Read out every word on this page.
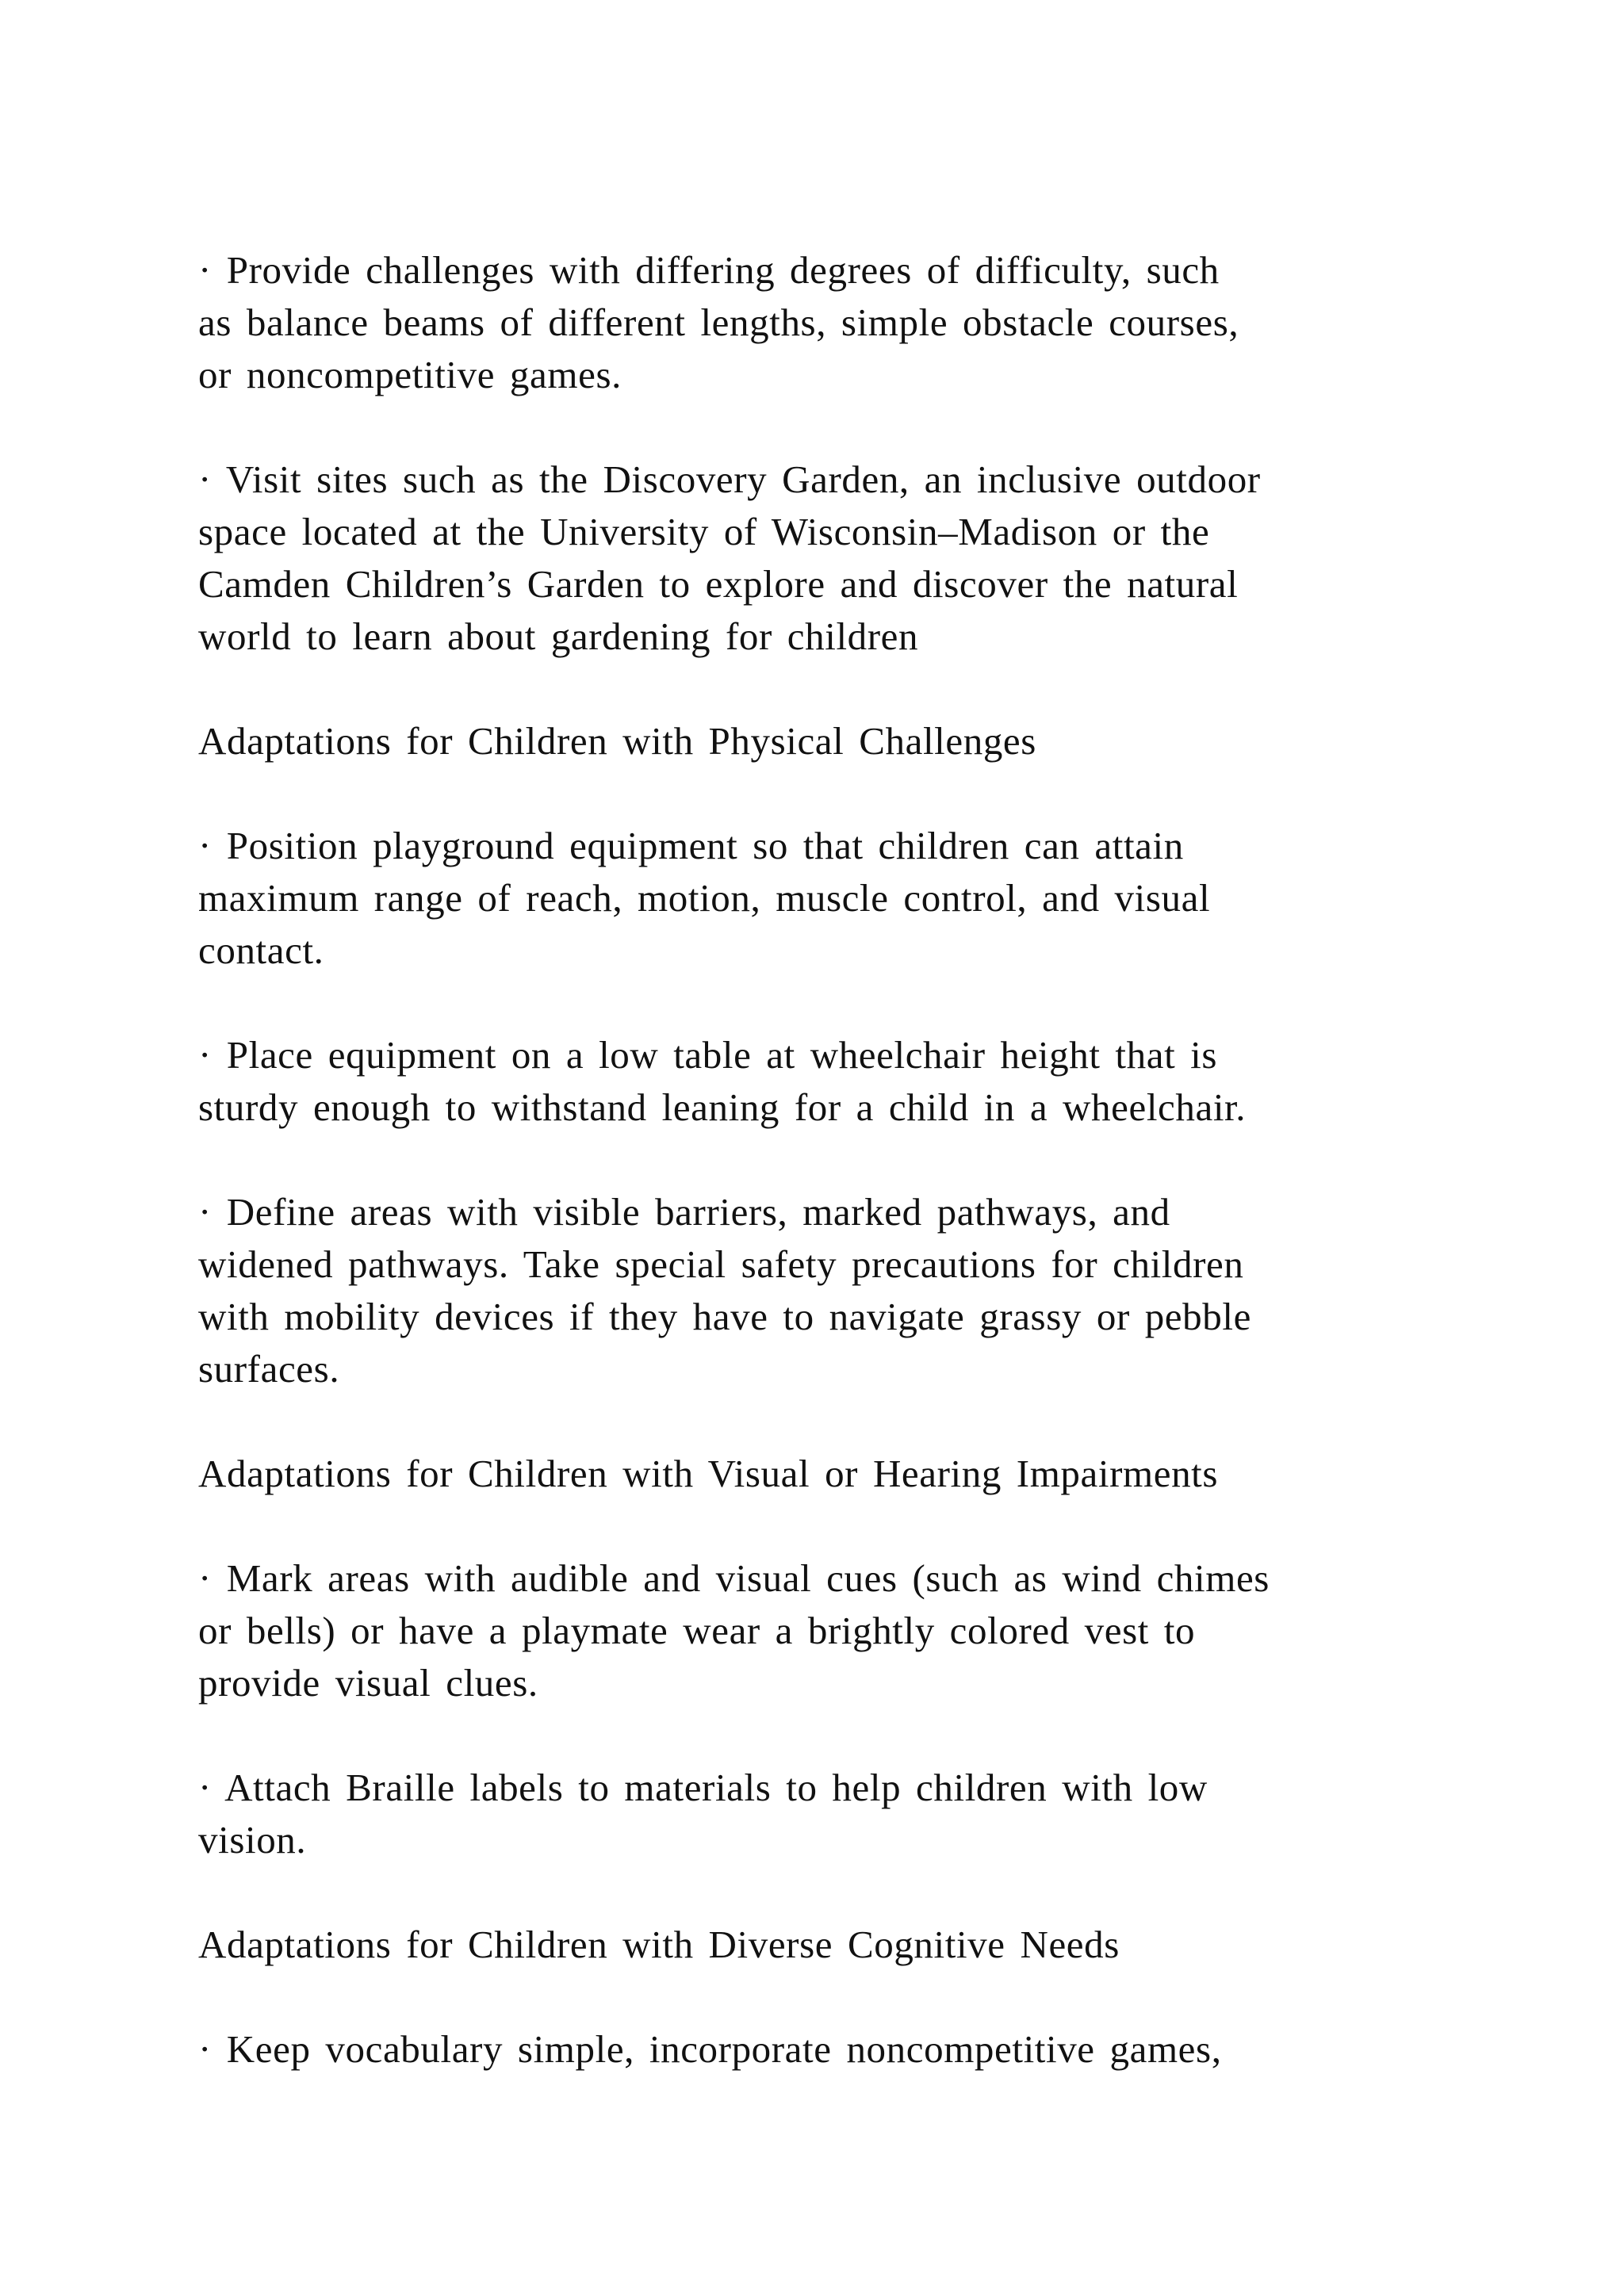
· Provide challenges with differing degrees of difficulty, such
as balance beams of different lengths, simple obstacle courses,
or noncompetitive games.

· Visit sites such as the Discovery Garden, an inclusive outdoor
space located at the University of Wisconsin–Madison or the
Camden Children’s Garden to explore and discover the natural
world to learn about gardening for children

Adaptations for Children with Physical Challenges

· Position playground equipment so that children can attain
maximum range of reach, motion, muscle control, and visual
contact.

· Place equipment on a low table at wheelchair height that is
sturdy enough to withstand leaning for a child in a wheelchair.

· Define areas with visible barriers, marked pathways, and
widened pathways. Take special safety precautions for children
with mobility devices if they have to navigate grassy or pebble
surfaces.

Adaptations for Children with Visual or Hearing Impairments

· Mark areas with audible and visual cues (such as wind chimes
or bells) or have a playmate wear a brightly colored vest to
provide visual clues.

· Attach Braille labels to materials to help children with low
vision.

Adaptations for Children with Diverse Cognitive Needs

· Keep vocabulary simple, incorporate noncompetitive games,
